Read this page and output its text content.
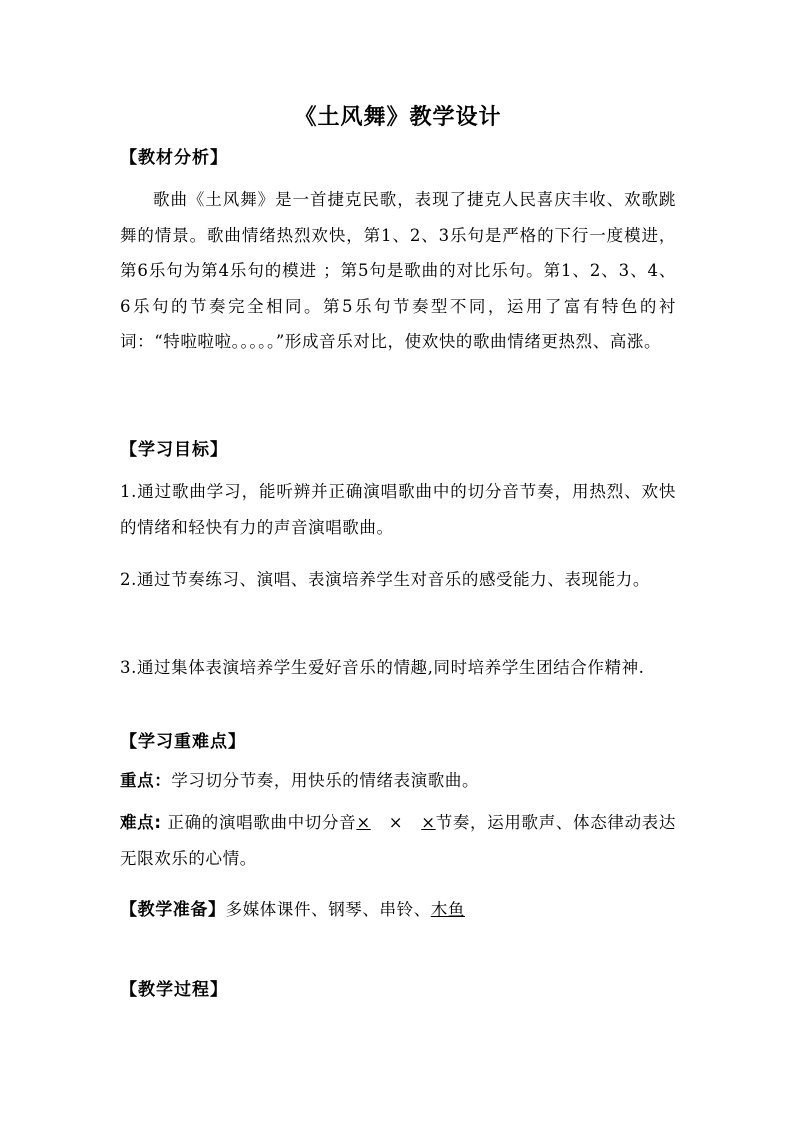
《土风舞》教学设计
【教材分析】
歌曲《土风舞》是一首捷克民歌，表现了捷克人民喜庆丰收、欢歌跳舞的情景。歌曲情绪热烈欢快，第1、2、3乐句是严格的下行一度模进，第6乐句为第4乐句的模进 ；第5句是歌曲的对比乐句。第1、2、3、4、6乐句的节奏完全相同。第5乐句节奏型不同，运用了富有特色的衬词：“特啦啦啦。。。。。”形成音乐对比，使欢快的歌曲情绪更热烈、高涨。
【学习目标】
1.通过歌曲学习，能听辨并正确演唱歌曲中的切分音节奏，用热烈、欢快的情绪和轻快有力的声音演唱歌曲。
2.通过节奏练习、演唱、表演培养学生对音乐的感受能力、表现能力。
3.通过集体表演培养学生爱好音乐的情趣,同时培养学生团结合作精神.
【学习重难点】
重点：学习切分节奏，用快乐的情绪表演歌曲。
难点: 正确的演唱歌曲中切分音× × ×节奏，运用歌声、体态律动表达无限欢乐的心情。
【教学准备】多媒体课件、钢琴、串铃、木鱼
【教学过程】
